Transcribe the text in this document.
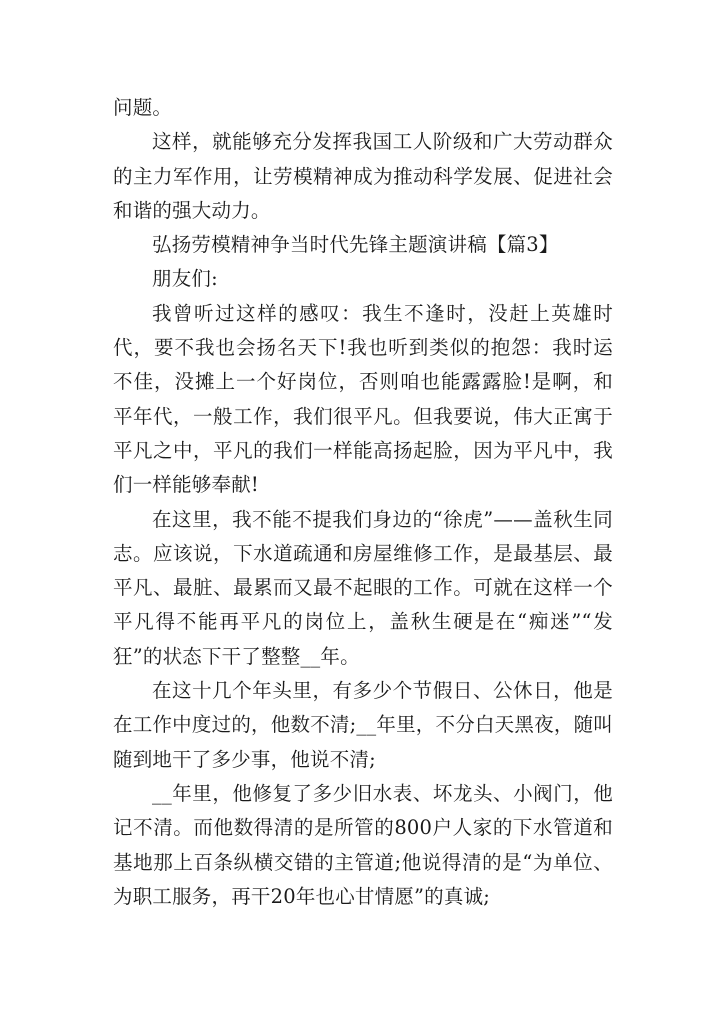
问题。

这样，就能够充分发挥我国工人阶级和广大劳动群众的主力军作用，让劳模精神成为推动科学发展、促进社会和谐的强大动力。

弘扬劳模精神争当时代先锋主题演讲稿【篇3】

朋友们:

我曾听过这样的感叹：我生不逢时，没赶上英雄时代，要不我也会扬名天下!我也听到类似的抱怨：我时运不佳，没摊上一个好岗位，否则咱也能露露脸!是啊，和平年代，一般工作，我们很平凡。但我要说，伟大正寓于平凡之中，平凡的我们一样能高扬起脸，因为平凡中，我们一样能够奉献!

在这里，我不能不提我们身边的“徐虎”——盖秋生同志。应该说，下水道疏通和房屋维修工作，是最基层、最平凡、最脏、最累而又最不起眼的工作。可就在这样一个平凡得不能再平凡的岗位上，盖秋生硬是在“痴迷”“发狂”的状态下干了整整__年。

在这十几个年头里，有多少个节假日、公休日，他是在工作中度过的，他数不清;__年里，不分白天黑夜，随叫随到地干了多少事，他说不清;

__年里，他修复了多少旧水表、坏龙头、小阀门，他记不清。而他数得清的是所管的800户人家的下水管道和基地那上百条纵横交错的主管道;他说得清的是“为单位、为职工服务，再干20年也心甘情愿”的真诚;
